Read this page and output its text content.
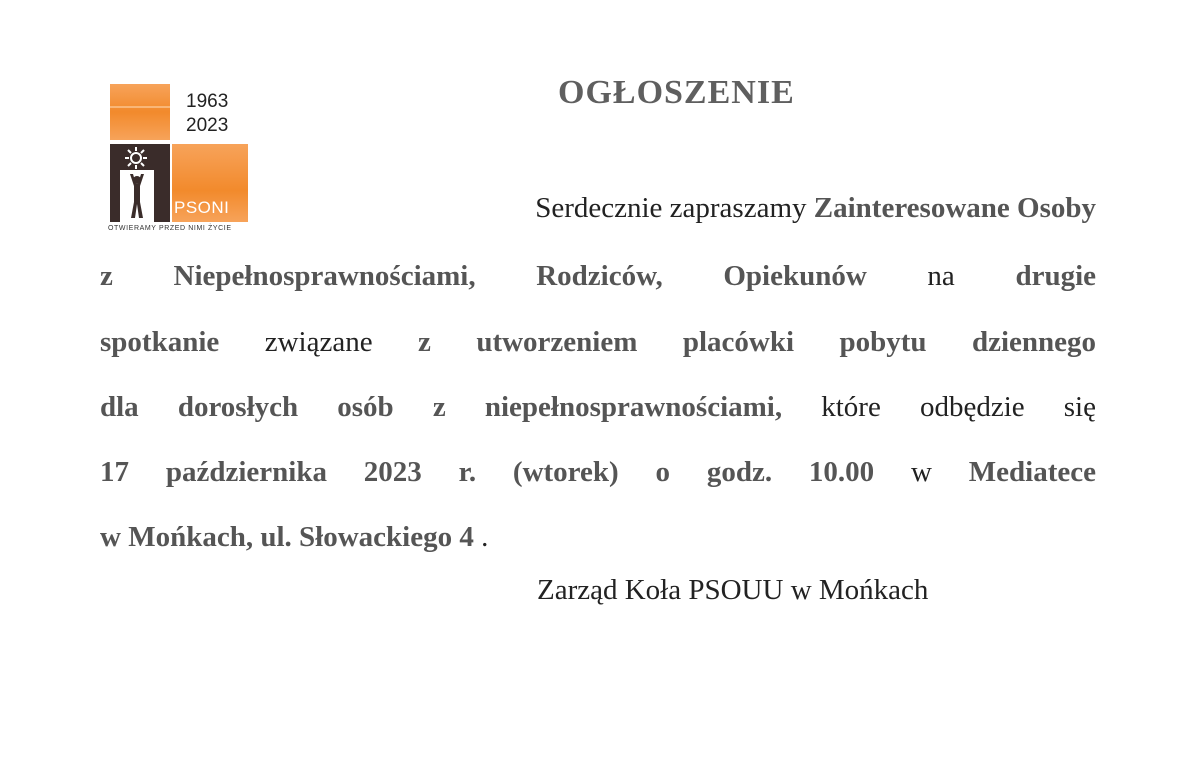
1963
2023
PSONI
OTWIERAMY PRZED NIMI ŻYCIE
OGŁOSZENIE
Serdecznie zapraszamy Zainteresowane Osoby
z Niepełnosprawnościami, Rodziców, Opiekunów na drugie
spotkanie związane z utworzeniem placówki pobytu dziennego
dla dorosłych osób z niepełnosprawnościami, które odbędzie się
17 października 2023 r. (wtorek) o godz. 10.00 w Mediatece
w Mońkach, ul. Słowackiego 4 .
Zarząd Koła PSOUU w Mońkach
